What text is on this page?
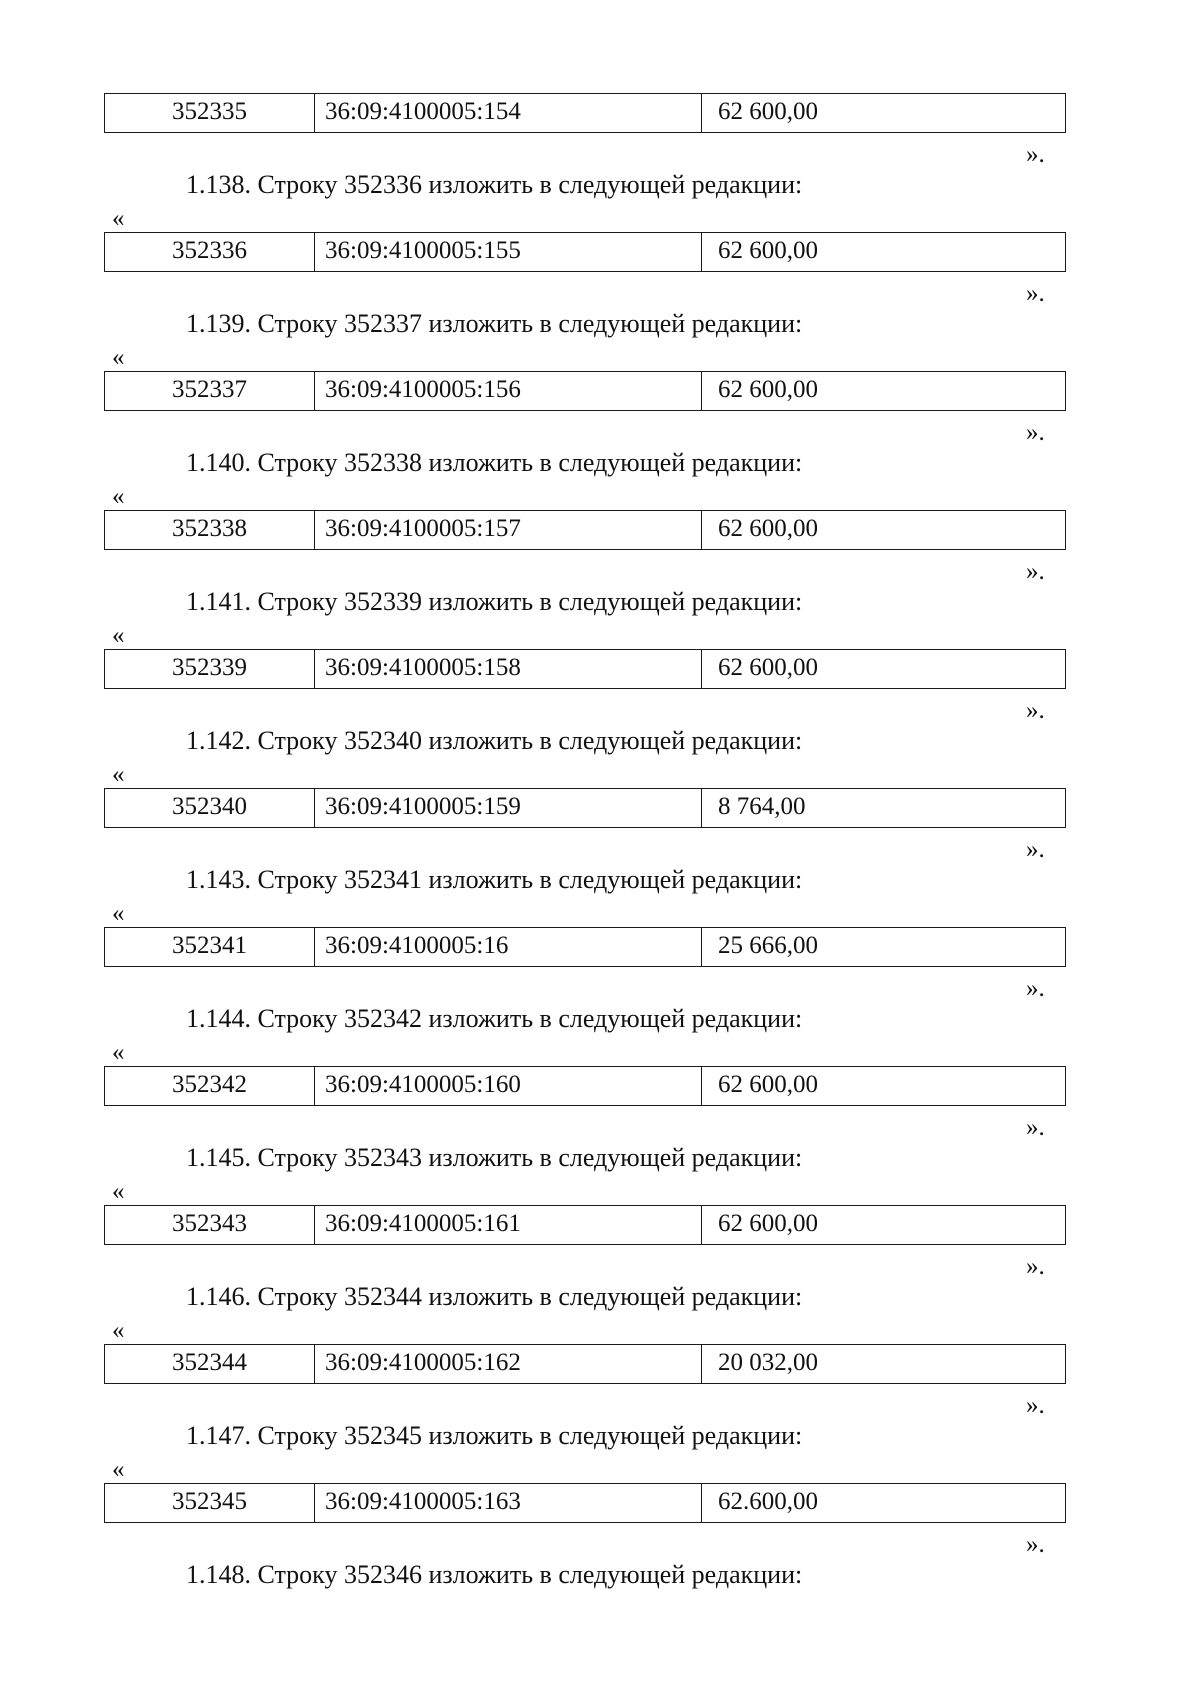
352335	36:09:4100005:154	62 600,00
».
1.138. Строку 352336 изложить в следующей редакции:
«
352336	36:09:4100005:155	62 600,00
».
1.139. Строку 352337 изложить в следующей редакции:
«
352337	36:09:4100005:156	62 600,00
».
1.140. Строку 352338 изложить в следующей редакции:
«
352338	36:09:4100005:157	62 600,00
».
1.141. Строку 352339 изложить в следующей редакции:
«
352339	36:09:4100005:158	62 600,00
».
1.142. Строку 352340 изложить в следующей редакции:
«
352340	36:09:4100005:159	8 764,00
».
1.143. Строку 352341 изложить в следующей редакции:
«
352341	36:09:4100005:16	25 666,00
».
1.144. Строку 352342 изложить в следующей редакции:
«
352342	36:09:4100005:160	62 600,00
».
1.145. Строку 352343 изложить в следующей редакции:
«
352343	36:09:4100005:161	62 600,00
».
1.146. Строку 352344 изложить в следующей редакции:
«
352344	36:09:4100005:162	20 032,00
».
1.147. Строку 352345 изложить в следующей редакции:
«
352345	36:09:4100005:163	62.600,00
».
1.148. Строку 352346 изложить в следующей редакции:
